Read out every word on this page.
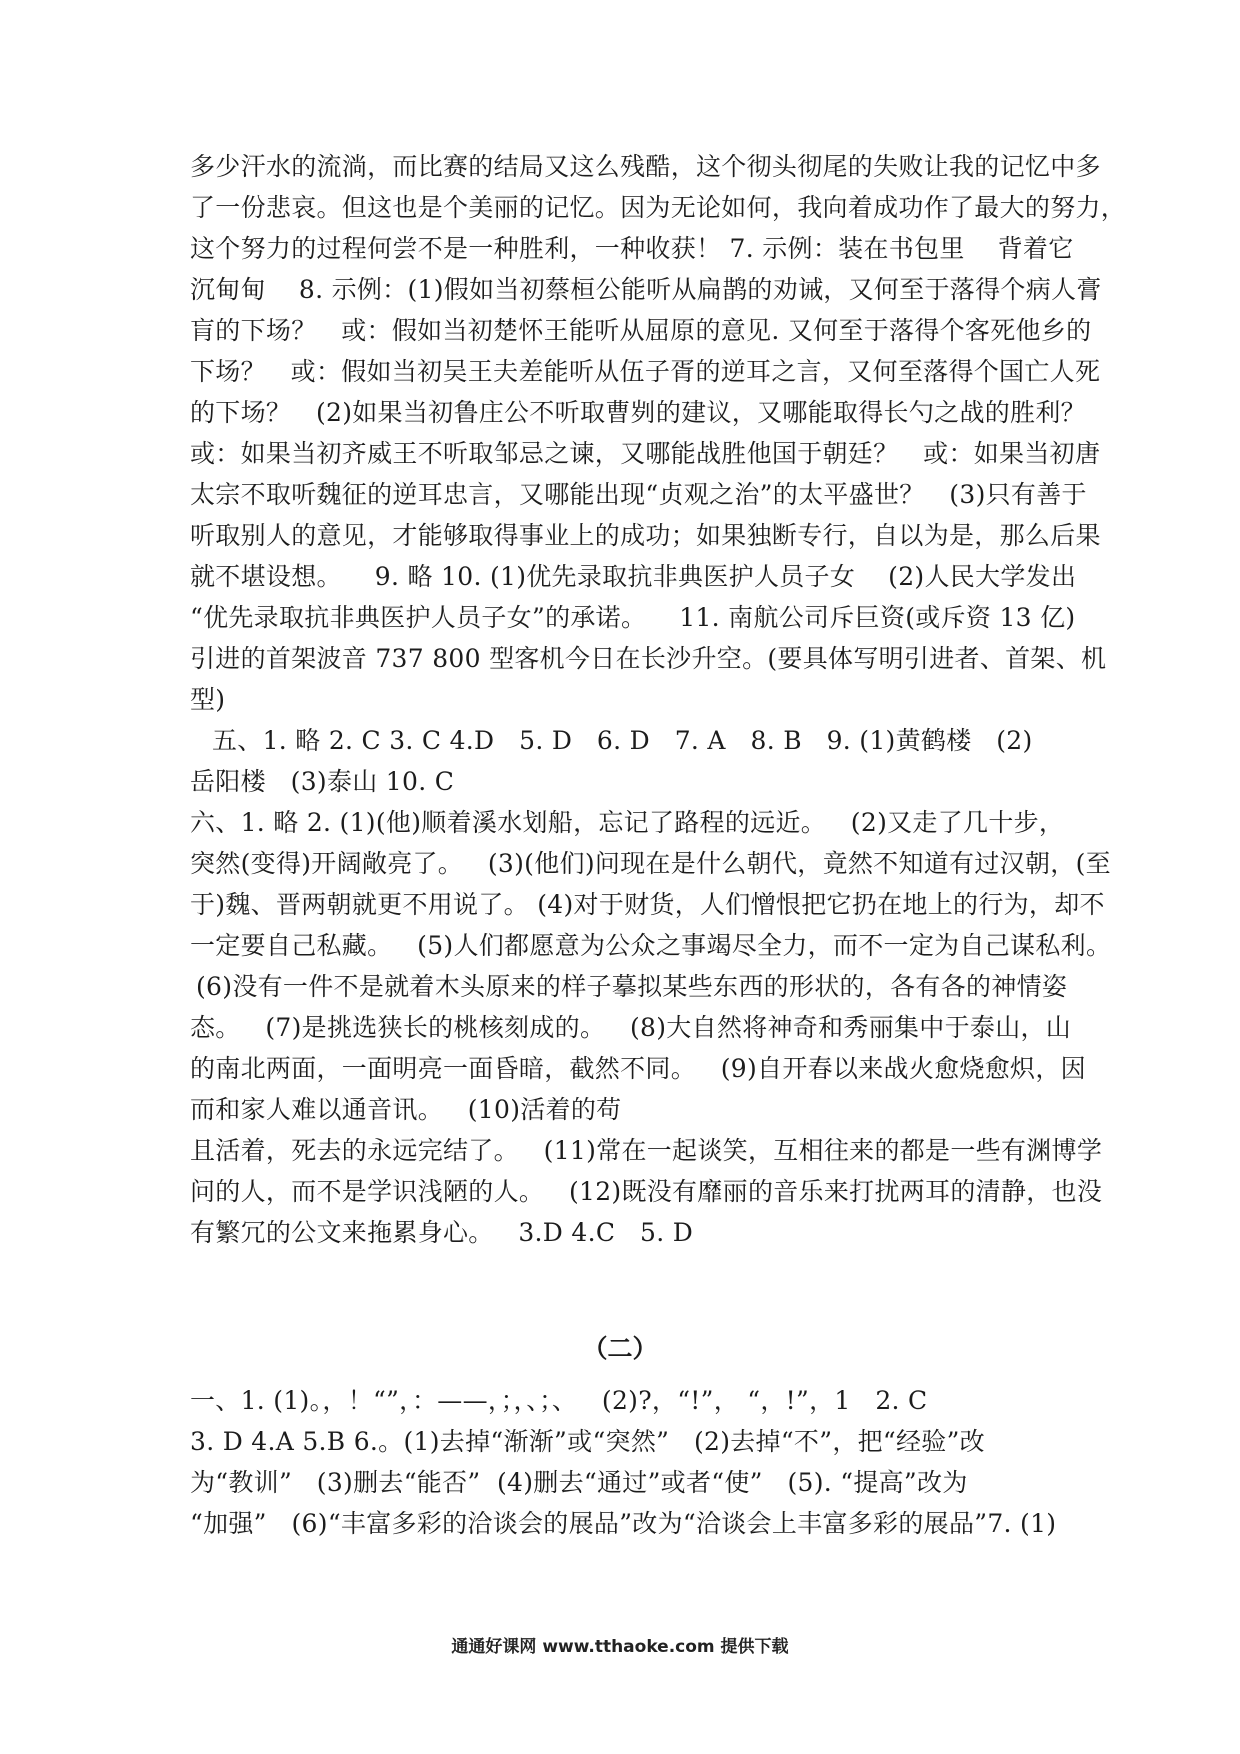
多少汗水的流淌，而比赛的结局又这么残酷，这个彻头彻尾的失败让我的记忆中多
了一份悲哀。但这也是个美丽的记忆。因为无论如何，我向着成功作了最大的努力，
这个努力的过程何尝不是一种胜利，一种收获！ 7. 示例：装在书包里    背着它
沉甸甸    8. 示例：(1)假如当初蔡桓公能听从扁鹊的劝诫，又何至于落得个病人膏
肓的下场？   或：假如当初楚怀王能听从屈原的意见. 又何至于落得个客死他乡的
下场？   或：假如当初吴王夫差能听从伍子胥的逆耳之言，又何至落得个国亡人死
的下场？   (2)如果当初鲁庄公不听取曹刿的建议，又哪能取得长勺之战的胜利？
或：如果当初齐威王不听取邹忌之谏，又哪能战胜他国于朝廷？   或：如果当初唐
太宗不取听魏征的逆耳忠言，又哪能出现“贞观之治”的太平盛世？   (3)只有善于
听取别人的意见，才能够取得事业上的成功；如果独断专行，自以为是，那么后果
就不堪设想。    9. 略 10. (1)优先录取抗非典医护人员子女    (2)人民大学发出
“优先录取抗非典医护人员子女”的承诺。    11. 南航公司斥巨资(或斥资 13 亿)
引进的首架波音 737 800 型客机今日在长沙升空。(要具体写明引进者、首架、机
型)
五、1. 略 2. C 3. C 4.D   5. D   6. D   7. A   8. B   9. (1)黄鹤楼   (2)
岳阳楼   (3)泰山 10. C
六、1. 略 2. (1)(他)顺着溪水划船，忘记了路程的远近。   (2)又走了几十步，
突然(变得)开阔敞亮了。   (3)(他们)问现在是什么朝代，竟然不知道有过汉朝，(至
于)魏、晋两朝就更不用说了。 (4)对于财货，人们憎恨把它扔在地上的行为，却不
一定要自己私藏。   (5)人们都愿意为公众之事竭尽全力，而不一定为自己谋私利。
(6)没有一件不是就着木头原来的样子摹拟某些东西的形状的，各有各的神情姿
态。   (7)是挑选狭长的桃核刻成的。   (8)大自然将神奇和秀丽集中于泰山，山
的南北两面，一面明亮一面昏暗，截然不同。   (9)自开春以来战火愈烧愈炽，因
而和家人难以通音讯。   (10)活着的苟
且活着，死去的永远完结了。   (11)常在一起谈笑，互相往来的都是一些有渊博学
问的人，而不是学识浅陋的人。   (12)既没有靡丽的音乐来打扰两耳的清静，也没
有繁冗的公文来拖累身心。   3.D 4.C   5. D
（二）
一、1. (1)。，！“”，：——，；，、；、   (2)?，“!”， “，!”，1   2. C
3. D 4.A 5.B 6.。(1)去掉“渐渐”或“突然”   (2)去掉“不”，把“经验”改
为“教训”   (3)删去“能否”  (4)删去“通过”或者“使”   (5). “提高”改为
“加强”   (6)“丰富多彩的洽谈会的展品”改为“洽谈会上丰富多彩的展品”7. (1)
通通好课网 www.tthaoke.com 提供下载
